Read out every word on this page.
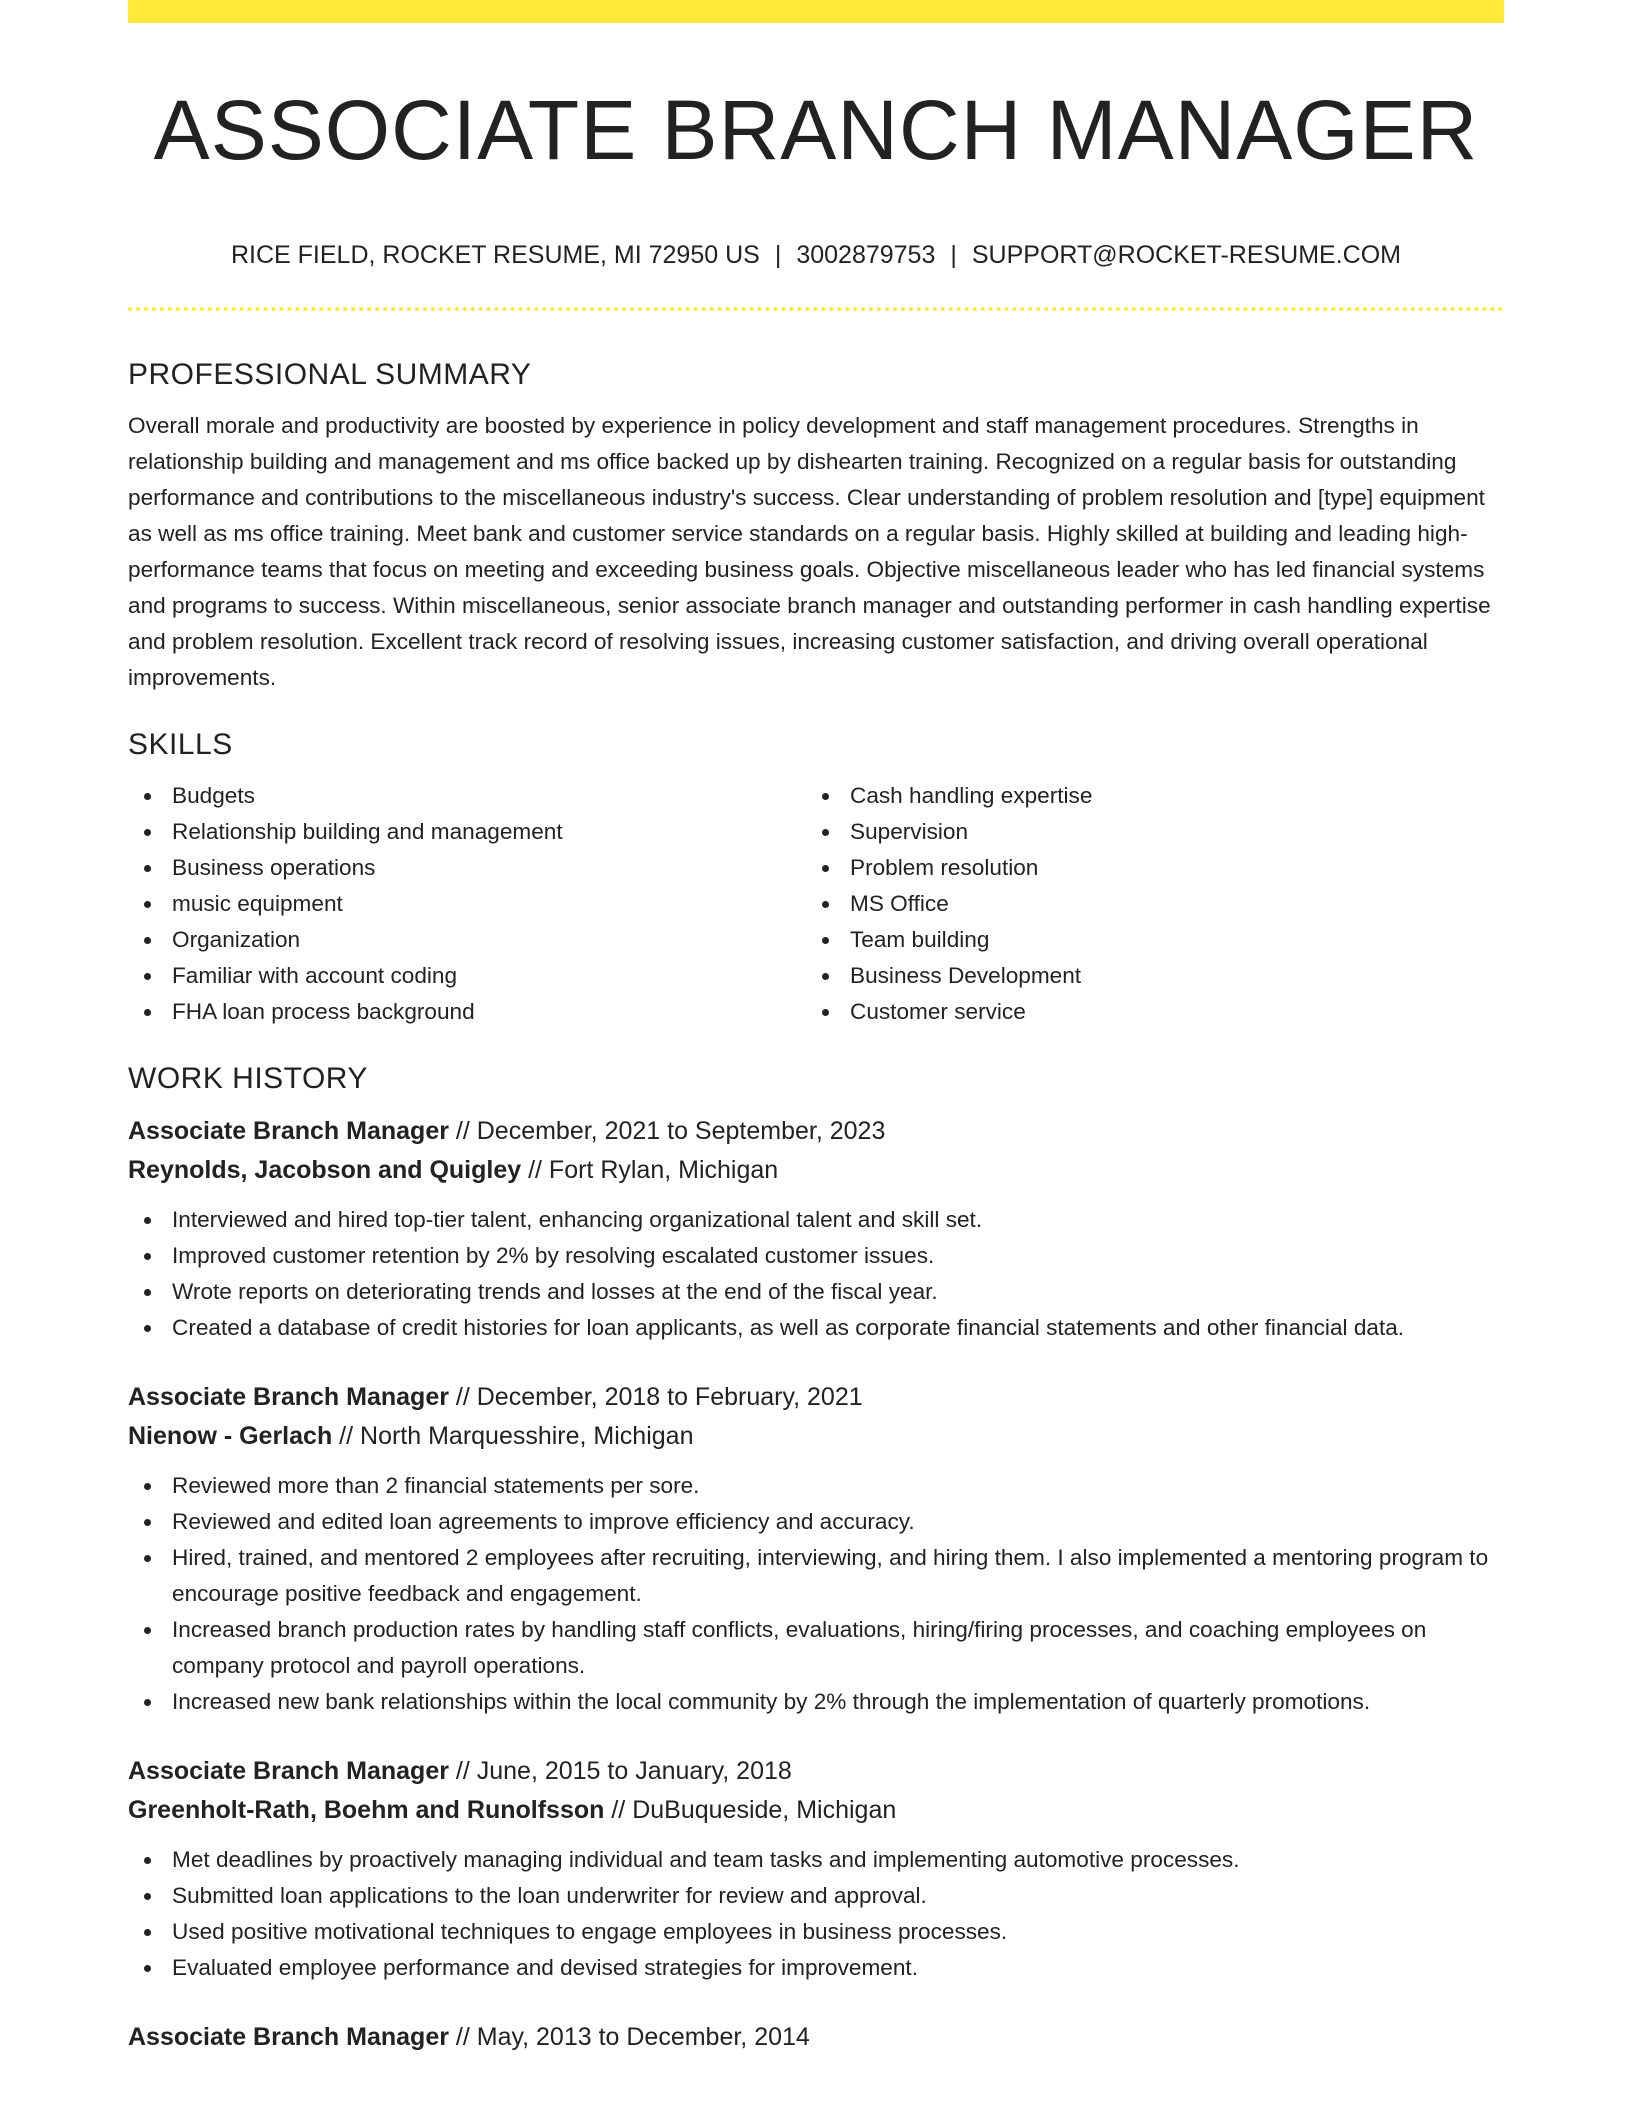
ASSOCIATE BRANCH MANAGER
RICE FIELD, ROCKET RESUME, MI 72950 US | 3002879753 | SUPPORT@ROCKET-RESUME.COM
PROFESSIONAL SUMMARY

Overall morale and productivity are boosted by experience in policy development and staff management procedures. Strengths in relationship building and management and ms office backed up by dishearten training. Recognized on a regular basis for outstanding performance and contributions to the miscellaneous industry's success. Clear understanding of problem resolution and [type] equipment as well as ms office training. Meet bank and customer service standards on a regular basis. Highly skilled at building and leading high-performance teams that focus on meeting and exceeding business goals. Objective miscellaneous leader who has led financial systems and programs to success. Within miscellaneous, senior associate branch manager and outstanding performer in cash handling expertise and problem resolution. Excellent track record of resolving issues, increasing customer satisfaction, and driving overall operational improvements.

SKILLS
Budgets
Relationship building and management
Business operations
music equipment
Organization
Familiar with account coding
FHA loan process background
Cash handling expertise
Supervision
Problem resolution
MS Office
Team building
Business Development
Customer service
WORK HISTORY
Associate Branch Manager // December, 2021 to September, 2023
Reynolds, Jacobson and Quigley // Fort Rylan, Michigan
Interviewed and hired top-tier talent, enhancing organizational talent and skill set.
Improved customer retention by 2% by resolving escalated customer issues.
Wrote reports on deteriorating trends and losses at the end of the fiscal year.
Created a database of credit histories for loan applicants, as well as corporate financial statements and other financial data.
Associate Branch Manager // December, 2018 to February, 2021
Nienow - Gerlach // North Marquesshire, Michigan
Reviewed more than 2 financial statements per sore.
Reviewed and edited loan agreements to improve efficiency and accuracy.
Hired, trained, and mentored 2 employees after recruiting, interviewing, and hiring them. I also implemented a mentoring program to encourage positive feedback and engagement.
Increased branch production rates by handling staff conflicts, evaluations, hiring/firing processes, and coaching employees on company protocol and payroll operations.
Increased new bank relationships within the local community by 2% through the implementation of quarterly promotions.
Associate Branch Manager // June, 2015 to January, 2018
Greenholt-Rath, Boehm and Runolfsson // DuBuqueside, Michigan
Met deadlines by proactively managing individual and team tasks and implementing automotive processes.
Submitted loan applications to the loan underwriter for review and approval.
Used positive motivational techniques to engage employees in business processes.
Evaluated employee performance and devised strategies for improvement.
Associate Branch Manager // May, 2013 to December, 2014
